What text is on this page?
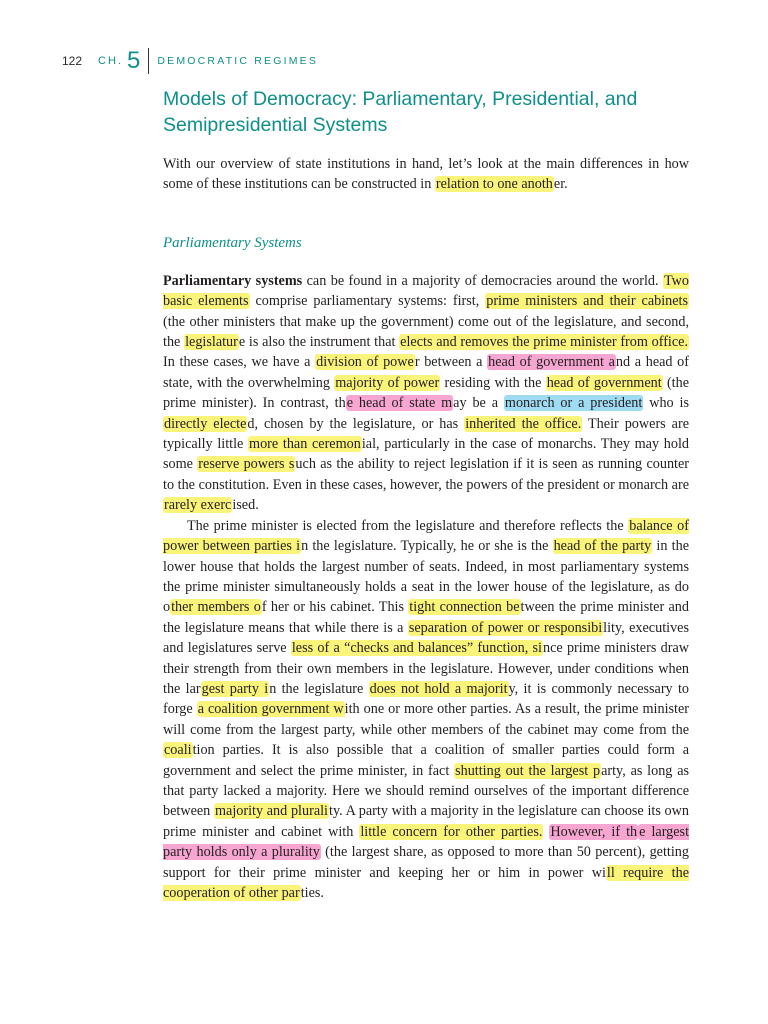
122 CH. 5 DEMOCRATIC REGIMES
Models of Democracy: Parliamentary, Presidential, and Semipresidential Systems

With our overview of state institutions in hand, let’s look at the main differences in how some of these institutions can be constructed in relation to one another.

Parliamentary Systems

Parliamentary systems can be found in a majority of democracies around the world. Two basic elements comprise parliamentary systems: first, prime ministers and their cabinets (the other ministers that make up the government) come out of the legislature, and second, the legislature is also the instrument that elects and removes the prime minister from office. In these cases, we have a division of power between a head of government and a head of state, with the overwhelming majority of power residing with the head of government (the prime minister). In contrast, the head of state may be a monarch or a president who is directly elected, chosen by the legislature, or has inherited the office. Their powers are typically little more than ceremonial, particularly in the case of monarchs. They may hold some reserve powers such as the ability to reject legislation if it is seen as running counter to the constitution. Even in these cases, however, the powers of the president or monarch are rarely exercised.

The prime minister is elected from the legislature and therefore reflects the balance of power between parties in the legislature. Typically, he or she is the head of the party in the lower house that holds the largest number of seats. Indeed, in most parliamentary systems the prime minister simultaneously holds a seat in the lower house of the legislature, as do other members of her or his cabinet. This tight connection between the prime minister and the legislature means that while there is a separation of power or responsibility, executives and legislatures serve less of a “checks and balances” function, since prime ministers draw their strength from their own members in the legislature. However, under conditions when the largest party in the legislature does not hold a majority, it is commonly necessary to forge a coalition government with one or more other parties. As a result, the prime minister will come from the largest party, while other members of the cabinet may come from the coalition parties. It is also possible that a coalition of smaller parties could form a government and select the prime minister, in fact shutting out the largest party, as long as that party lacked a majority. Here we should remind ourselves of the important difference between majority and plurality. A party with a majority in the legislature can choose its own prime minister and cabinet with little concern for other parties. However, if th e largest party holds only a plurality (the largest share, as opposed to more than 50 percent), getting support for their prime minister and keeping her or him in power will require the cooperation of other parties.
